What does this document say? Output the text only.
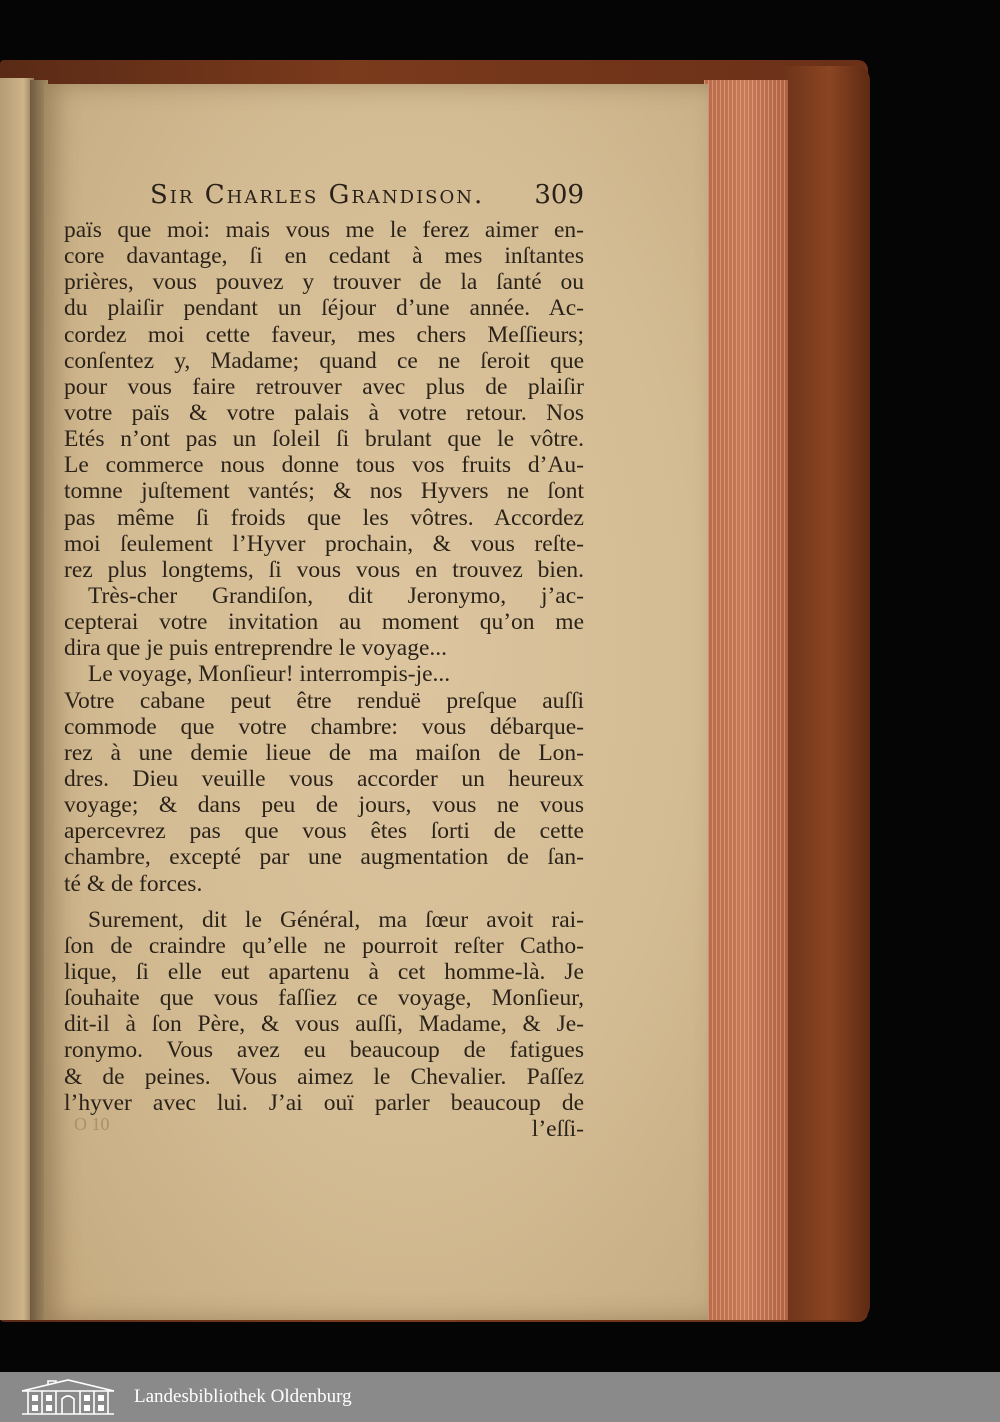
Sir Charles Grandison. 309
païs que moi: mais vous me le ferez aimer en-
core davantage, ſi en cedant à mes inſtantes
prières, vous pouvez y trouver de la ſanté ou
du plaiſir pendant un ſéjour d’une année. Ac-
cordez moi cette faveur, mes chers Meſſieurs;
conſentez y, Madame; quand ce ne ſeroit que
pour vous faire retrouver avec plus de plaiſir
votre païs & votre palais à votre retour. Nos
Etés n’ont pas un ſoleil ſi brulant que le vôtre.
Le commerce nous donne tous vos fruits d’Au-
tomne juſtement vantés; & nos Hyvers ne ſont
pas même ſi froids que les vôtres. Accordez
moi ſeulement l’Hyver prochain, & vous reſte-
rez plus longtems, ſi vous vous en trouvez bien.
Très-cher Grandiſon, dit Jeronymo, j’ac-
cepterai votre invitation au moment qu’on me
dira que je puis entreprendre le voyage...
Le voyage, Monſieur! interrompis-je...
Votre cabane peut être renduë preſque auſſi
commode que votre chambre: vous débarque-
rez à une demie lieue de ma maiſon de Lon-
dres. Dieu veuille vous accorder un heureux
voyage; & dans peu de jours, vous ne vous
apercevrez pas que vous êtes ſorti de cette
chambre, excepté par une augmentation de ſan-
té & de forces.
Surement, dit le Général, ma ſœur avoit rai-
ſon de craindre qu’elle ne pourroit reſter Catho-
lique, ſi elle eut apartenu à cet homme-là. Je
ſouhaite que vous faſſiez ce voyage, Monſieur,
dit-il à ſon Père, & vous auſſi, Madame, & Je-
ronymo. Vous avez eu beaucoup de fatigues
& de peines. Vous aimez le Chevalier. Paſſez
l’hyver avec lui. J’ai ouï parler beaucoup de
l’eſſi-
O 10
Landesbibliothek Oldenburg
